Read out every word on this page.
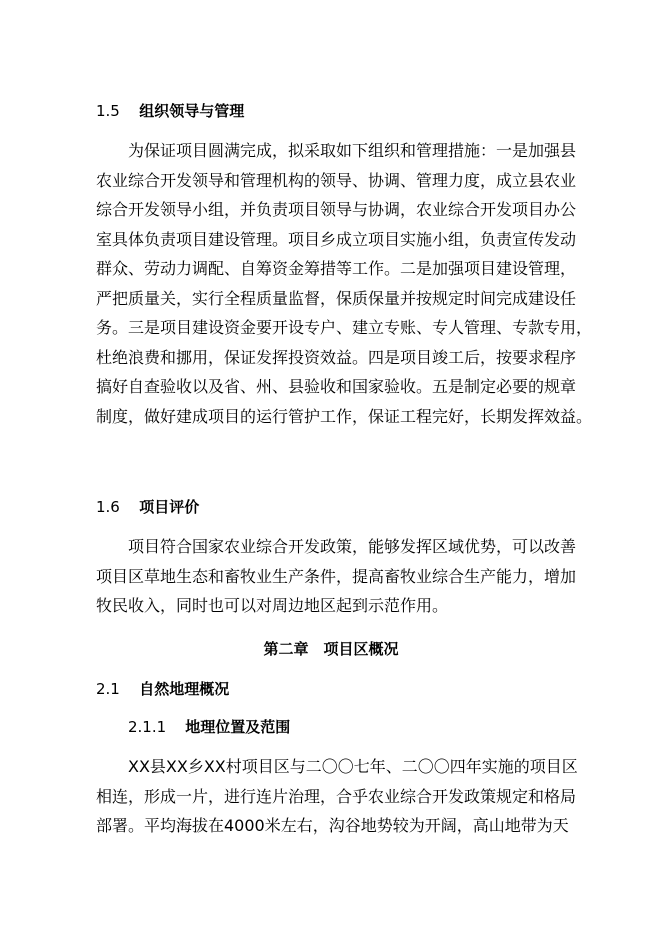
1.5 组织领导与管理
　　为保证项目圆满完成，拟采取如下组织和管理措施：一是加强县
农业综合开发领导和管理机构的领导、协调、管理力度，成立县农业
综合开发领导小组，并负责项目领导与协调，农业综合开发项目办公
室具体负责项目建设管理。项目乡成立项目实施小组，负责宣传发动
群众、劳动力调配、自筹资金筹措等工作。二是加强项目建设管理，
严把质量关，实行全程质量监督，保质保量并按规定时间完成建设任
务。三是项目建设资金要开设专户、建立专账、专人管理、专款专用，
杜绝浪费和挪用，保证发挥投资效益。四是项目竣工后，按要求程序
搞好自查验收以及省、州、县验收和国家验收。五是制定必要的规章
制度，做好建成项目的运行管护工作，保证工程完好，长期发挥效益。
1.6 项目评价
　　项目符合国家农业综合开发政策，能够发挥区域优势，可以改善
项目区草地生态和畜牧业生产条件，提高畜牧业综合生产能力，增加
牧民收入，同时也可以对周边地区起到示范作用。
第二章　项目区概况
2.1 自然地理概况
2.1.1 地理位置及范围
　　XX县XX乡XX村项目区与二〇〇七年、二〇〇四年实施的项目区
相连，形成一片，进行连片治理，合乎农业综合开发政策规定和格局
部署。平均海拔在4000米左右，沟谷地势较为开阔，高山地带为天
